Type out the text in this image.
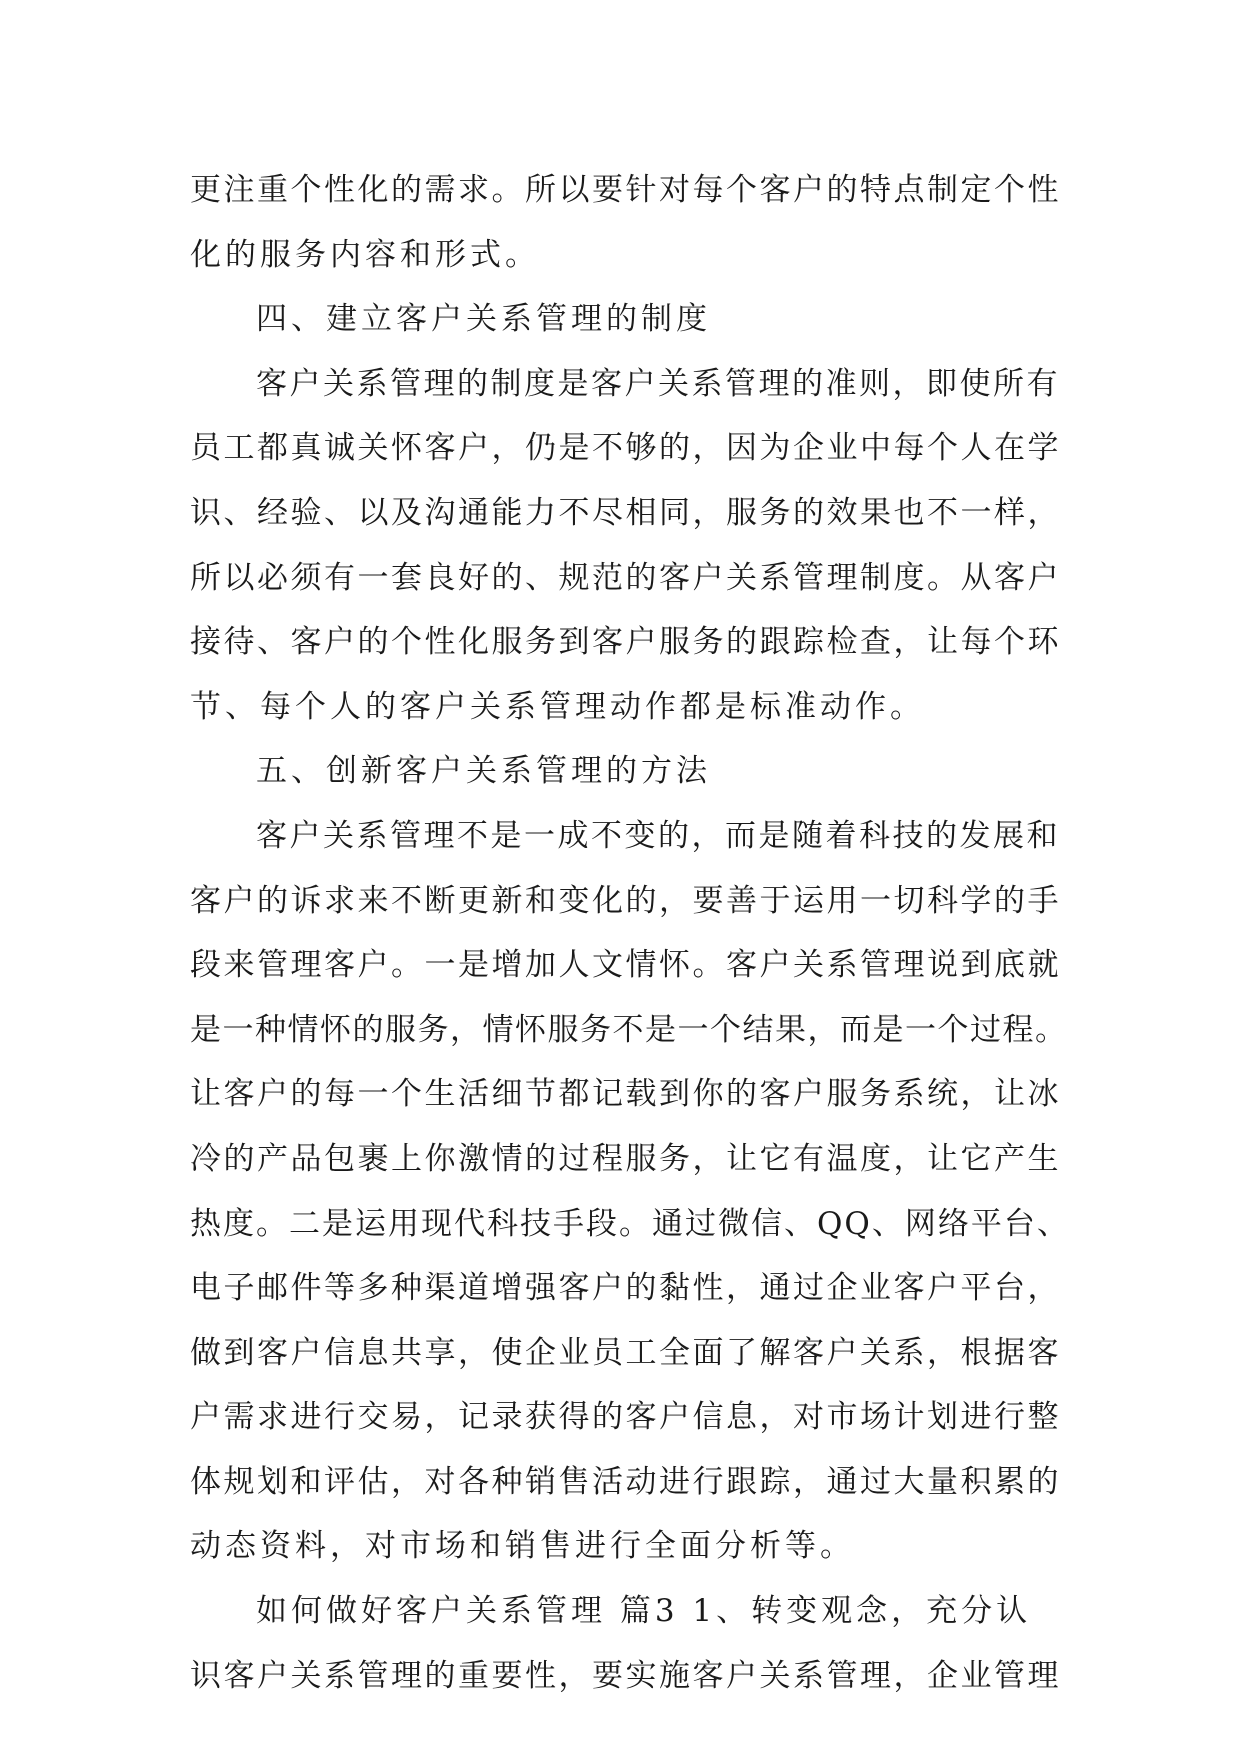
更注重个性化的需求。所以要针对每个客户的特点制定个性
化的服务内容和形式。
四、建立客户关系管理的制度
客户关系管理的制度是客户关系管理的准则，即使所有
员工都真诚关怀客户，仍是不够的，因为企业中每个人在学
识、经验、以及沟通能力不尽相同，服务的效果也不一样，
所以必须有一套良好的、规范的客户关系管理制度。从客户
接待、客户的个性化服务到客户服务的跟踪检查，让每个环
节、每个人的客户关系管理动作都是标准动作。
五、创新客户关系管理的方法
客户关系管理不是一成不变的，而是随着科技的发展和
客户的诉求来不断更新和变化的，要善于运用一切科学的手
段来管理客户。一是增加人文情怀。客户关系管理说到底就
是一种情怀的服务，情怀服务不是一个结果，而是一个过程。
让客户的每一个生活细节都记载到你的客户服务系统，让冰
冷的产品包裹上你激情的过程服务，让它有温度，让它产生
热度。二是运用现代科技手段。通过微信、QQ、网络平台、
电子邮件等多种渠道增强客户的黏性，通过企业客户平台，
做到客户信息共享，使企业员工全面了解客户关系，根据客
户需求进行交易，记录获得的客户信息，对市场计划进行整
体规划和评估，对各种销售活动进行跟踪，通过大量积累的
动态资料，对市场和销售进行全面分析等。
如何做好客户关系管理 篇3 1、转变观念，充分认
识客户关系管理的重要性，要实施客户关系管理，企业管理
